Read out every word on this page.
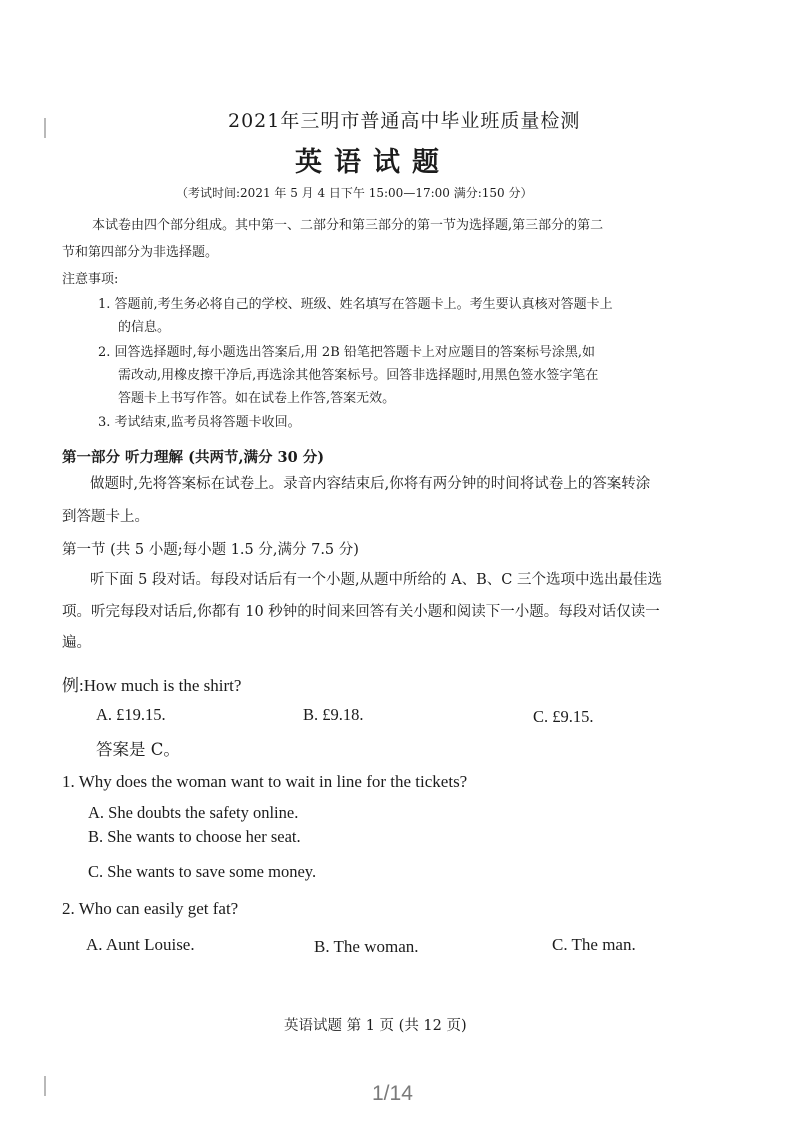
2021年三明市普通高中毕业班质量检测
英语试题
（考试时间:2021 年 5 月 4 日下午 15:00—17:00 满分:150 分）
本试卷由四个部分组成。其中第一、二部分和第三部分的第一节为选择题,第三部分的第二
节和第四部分为非选择题。
注意事项:
1. 答题前,考生务必将自己的学校、班级、姓名填写在答题卡上。考生要认真核对答题卡上
的信息。
2. 回答选择题时,每小题选出答案后,用 2B 铅笔把答题卡上对应题目的答案标号涂黑,如
需改动,用橡皮擦干净后,再选涂其他答案标号。回答非选择题时,用黑色签水签字笔在
答题卡上书写作答。如在试卷上作答,答案无效。
3. 考试结束,监考员将答题卡收回。
第一部分 听力理解 (共两节,满分 30 分)
做题时,先将答案标在试卷上。录音内容结束后,你将有两分钟的时间将试卷上的答案转涂
到答题卡上。
第一节 (共 5 小题;每小题 1.5 分,满分 7.5 分)
听下面 5 段对话。每段对话后有一个小题,从题中所给的 A、B、C 三个选项中选出最佳选
项。听完每段对话后,你都有 10 秒钟的时间来回答有关小题和阅读下一小题。每段对话仅读一
遍。
例:How much is the shirt?
A. £19.15.	B. £9.18.	C. £9.15.
答案是 C。
1. Why does the woman want to wait in line for the tickets?
A. She doubts the safety online.
B. She wants to choose her seat.
C. She wants to save some money.
2. Who can easily get fat?
A. Aunt Louise.	B. The woman.	C. The man.
英语试题 第 1 页 (共 12 页)
1/14
